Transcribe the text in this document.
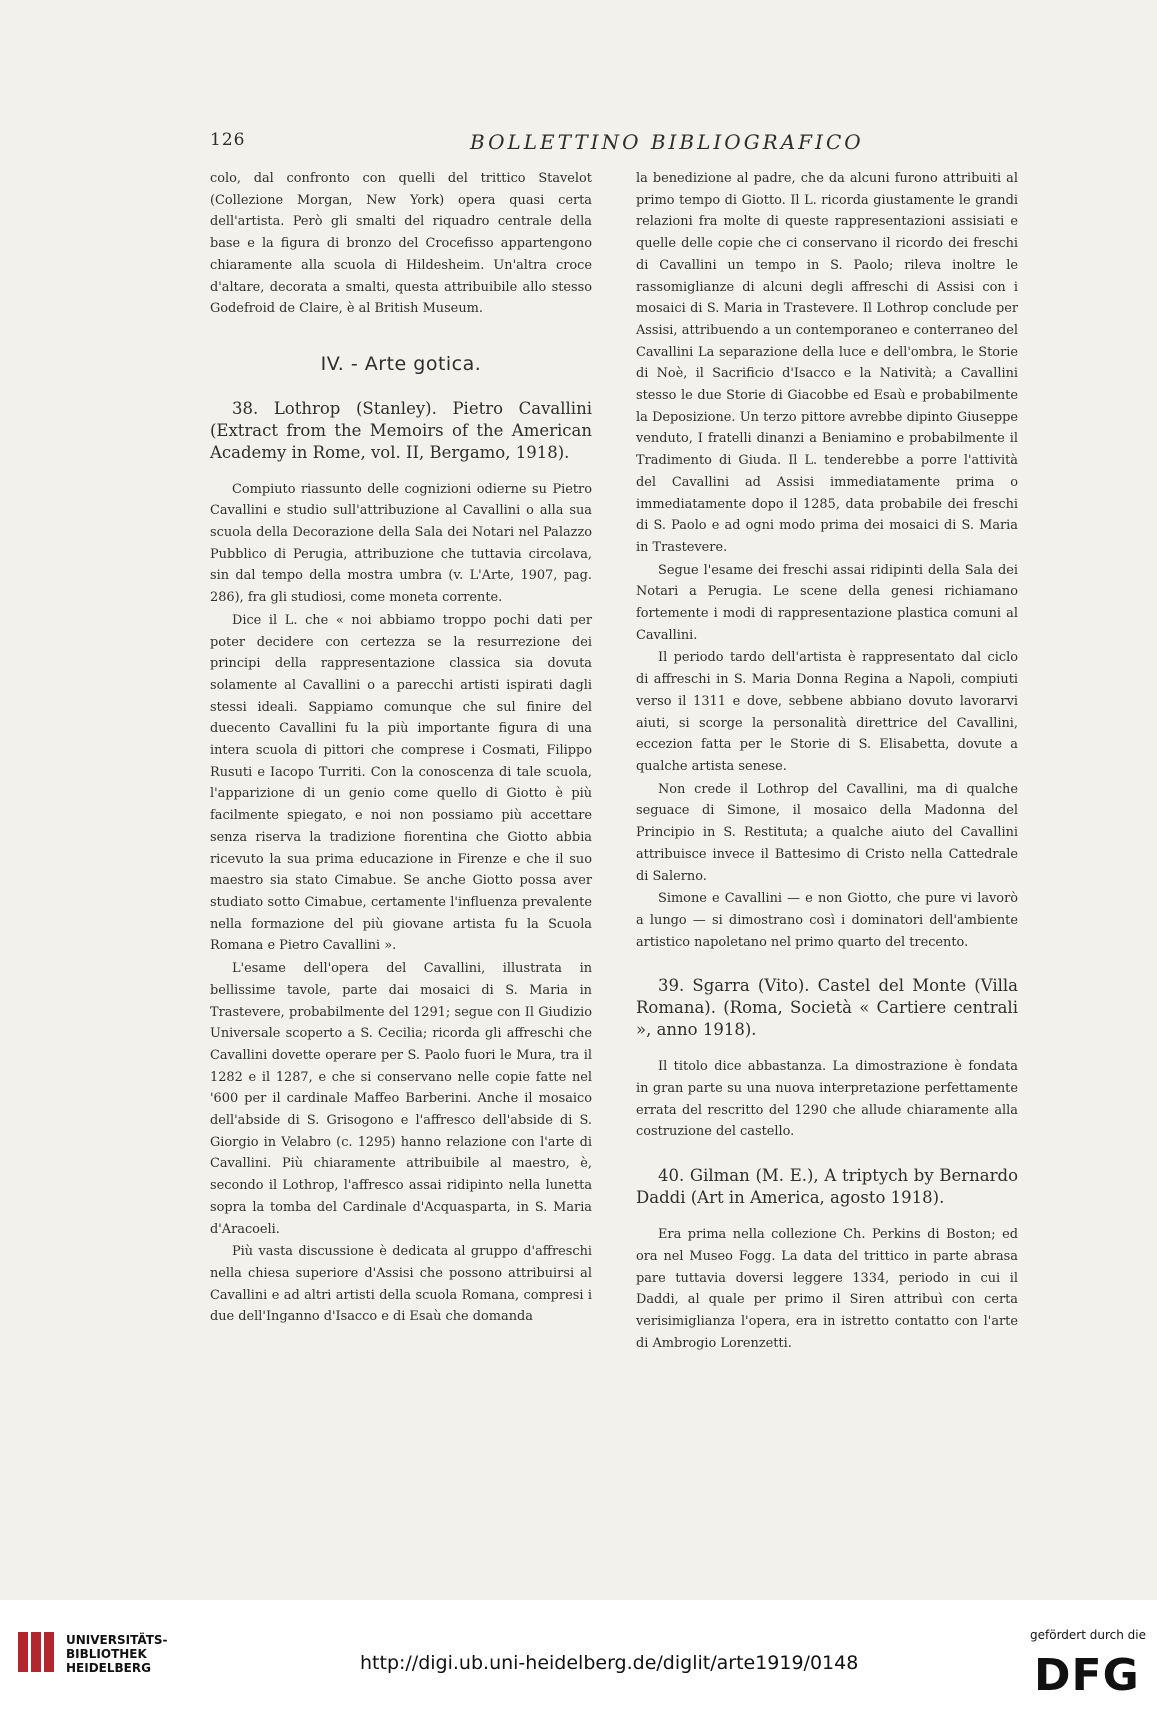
126	BOLLETTINO BIBLIOGRAFICO

colo, dal confronto con quelli del trittico Stavelot (Collezione Morgan, New York) opera quasi certa dell'artista. Però gli smalti del riquadro centrale della base e la figura di bronzo del Crocefisso appartengono chiaramente alla scuola di Hildesheim. Un'altra croce d'altare, decorata a smalti, questa attribuibile allo stesso Godefroid de Claire, è al British Museum.

IV. - Arte gotica.
38. Lothrop (Stanley). Pietro Cavallini (Extract from the Memoirs of the American Academy in Rome, vol. II, Bergamo, 1918).

Compiuto riassunto delle cognizioni odierne su Pietro Cavallini e studio sull'attribuzione al Cavallini o alla sua scuola della Decorazione della Sala dei Notari nel Palazzo Pubblico di Perugia, attribuzione che tuttavia circolava, sin dal tempo della mostra umbra (v. L'Arte, 1907, pag. 286), fra gli studiosi, come moneta corrente.

Dice il L. che « noi abbiamo troppo pochi dati per poter decidere con certezza se la resurrezione dei principi della rappresentazione classica sia dovuta solamente al Cavallini o a parecchi artisti ispirati dagli stessi ideali. Sappiamo comunque che sul finire del duecento Cavallini fu la più importante figura di una intera scuola di pittori che comprese i Cosmati, Filippo Rusuti e Iacopo Turriti. Con la conoscenza di tale scuola, l'apparizione di un genio come quello di Giotto è più facilmente spiegato, e noi non possiamo più accettare senza riserva la tradizione fiorentina che Giotto abbia ricevuto la sua prima educazione in Firenze e che il suo maestro sia stato Cimabue. Se anche Giotto possa aver studiato sotto Cimabue, certamente l'influenza prevalente nella formazione del più giovane artista fu la Scuola Romana e Pietro Cavallini ».

L'esame dell'opera del Cavallini, illustrata in bellissime tavole, parte dai mosaici di S. Maria in Trastevere, probabilmente del 1291; segue con Il Giudizio Universale scoperto a S. Cecilia; ricorda gli affreschi che Cavallini dovette operare per S. Paolo fuori le Mura, tra il 1282 e il 1287, e che si conservano nelle copie fatte nel '600 per il cardinale Maffeo Barberini. Anche il mosaico dell'abside di S. Grisogono e l'affresco dell'abside di S. Giorgio in Velabro (c. 1295) hanno relazione con l'arte di Cavallini. Più chiaramente attribuibile al maestro, è, secondo il Lothrop, l'affresco assai ridipinto nella lunetta sopra la tomba del Cardinale d'Acquasparta, in S. Maria d'Aracoeli.

Più vasta discussione è dedicata al gruppo d'affreschi nella chiesa superiore d'Assisi che possono attribuirsi al Cavallini e ad altri artisti della scuola Romana, compresi i due dell'Inganno d'Isacco e di Esaù che domanda

la benedizione al padre, che da alcuni furono attribuiti al primo tempo di Giotto. Il L. ricorda giustamente le grandi relazioni fra molte di queste rappresentazioni assisiati e quelle delle copie che ci conservano il ricordo dei freschi di Cavallini un tempo in S. Paolo; rileva inoltre le rassomiglianze di alcuni degli affreschi di Assisi con i mosaici di S. Maria in Trastevere. Il Lothrop conclude per Assisi, attribuendo a un contemporaneo e conterraneo del Cavallini La separazione della luce e dell'ombra, le Storie di Noè, il Sacrificio d'Isacco e la Natività; a Cavallini stesso le due Storie di Giacobbe ed Esaù e probabilmente la Deposizione. Un terzo pittore avrebbe dipinto Giuseppe venduto, I fratelli dinanzi a Beniamino e probabilmente il Tradimento di Giuda. Il L. tenderebbe a porre l'attività del Cavallini ad Assisi immediatamente prima o immediatamente dopo il 1285, data probabile dei freschi di S. Paolo e ad ogni modo prima dei mosaici di S. Maria in Trastevere.

Segue l'esame dei freschi assai ridipinti della Sala dei Notari a Perugia. Le scene della genesi richiamano fortemente i modi di rappresentazione plastica comuni al Cavallini.

Il periodo tardo dell'artista è rappresentato dal ciclo di affreschi in S. Maria Donna Regina a Napoli, compiuti verso il 1311 e dove, sebbene abbiano dovuto lavorarvi aiuti, si scorge la personalità direttrice del Cavallini, eccezion fatta per le Storie di S. Elisabetta, dovute a qualche artista senese.

Non crede il Lothrop del Cavallini, ma di qualche seguace di Simone, il mosaico della Madonna del Principio in S. Restituta; a qualche aiuto del Cavallini attribuisce invece il Battesimo di Cristo nella Cattedrale di Salerno.

Simone e Cavallini — e non Giotto, che pure vi lavorò a lungo — si dimostrano così i dominatori dell'ambiente artistico napoletano nel primo quarto del trecento.

39. Sgarra (Vito). Castel del Monte (Villa Romana). (Roma, Società « Cartiere centrali », anno 1918).

Il titolo dice abbastanza. La dimostrazione è fondata in gran parte su una nuova interpretazione perfettamente errata del rescritto del 1290 che allude chiaramente alla costruzione del castello.

40. Gilman (M. E.), A triptych by Bernardo Daddi (Art in America, agosto 1918).

Era prima nella collezione Ch. Perkins di Boston; ed ora nel Museo Fogg. La data del trittico in parte abrasa pare tuttavia doversi leggere 1334, periodo in cui il Daddi, al quale per primo il Siren attribuì con certa verisimiglianza l'opera, era in istretto contatto con l'arte di Ambrogio Lorenzetti.

UNIVERSITÄTS-
BIBLIOTHEK
HEIDELBERG	http://digi.ub.uni-heidelberg.de/diglit/arte1919/0148
gefördert durch die
DFG
